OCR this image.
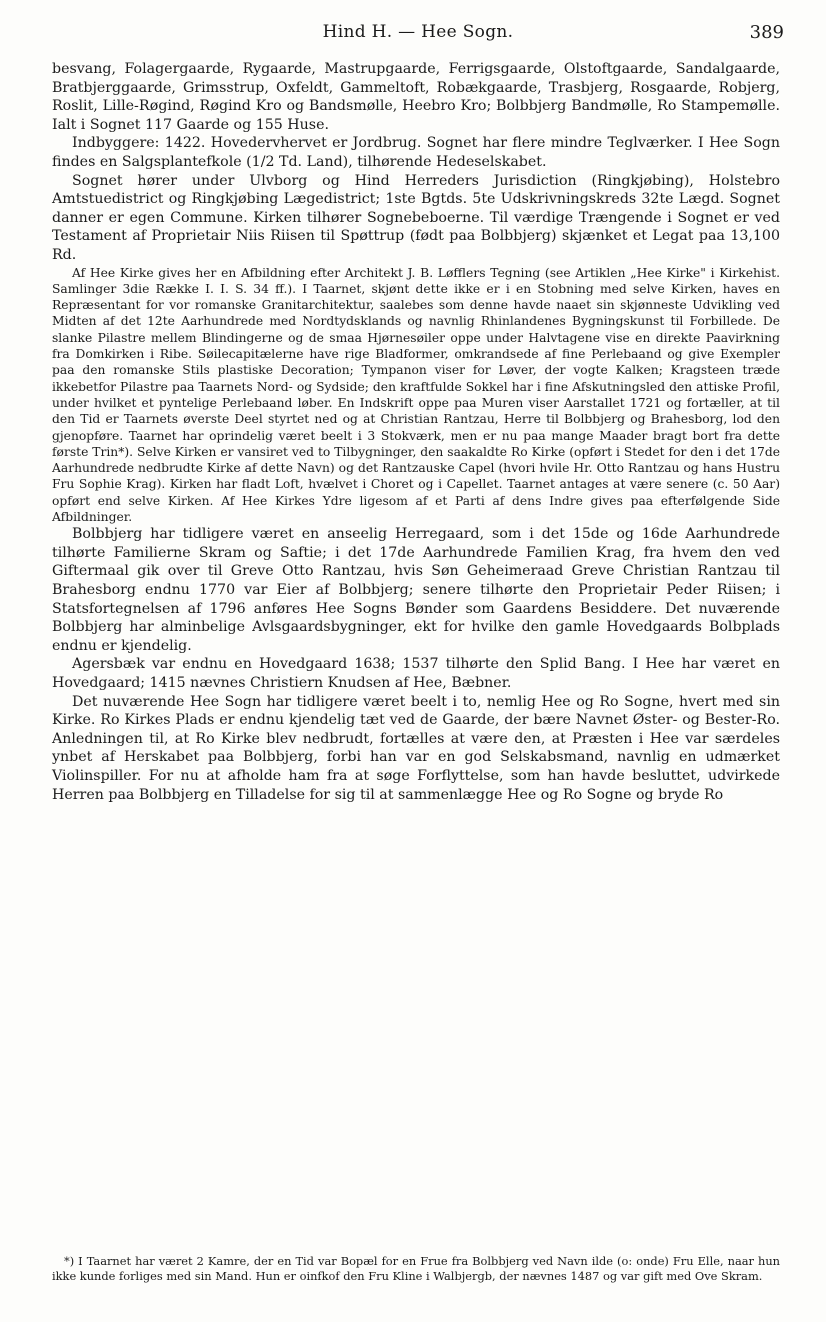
Hind H. — Hee Sogn.	389

besvang, Folagergaarde, Rygaarde, Mastrupgaarde, Ferrigsgaarde, Olstoftgaarde, Sandalgaarde, Bratbjerggaarde, Grimsstrup, Oxfeldt, Gammeltoft, Robækgaarde, Trasbjerg, Rosgaarde, Robjerg, Roslit, Lille-Røgind, Røgind Kro og Bandsmølle, Heebro Kro; Bolbbjerg Bandmølle, Ro Stampemølle. Ialt i Sognet 117 Gaarde og 155 Huse.

Indbyggere: 1422. Hovedervhervet er Jordbrug. Sognet har flere mindre Teglværker. I Hee Sogn findes en Salgsplantefkole (1/2 Td. Land), tilhørende Hedeselskabet.

Sognet hører under Ulvborg og Hind Herreders Jurisdiction (Ringkjøbing), Holstebro Amtstuedistrict og Ringkjøbing Lægedistrict; 1ste Bgtds. 5te Udskrivningskreds 32te Lægd. Sognet danner er egen Commune. Kirken tilhører Sognebeboerne. Til værdige Trængende i Sognet er ved Testament af Proprietair Niis Riisen til Spøttrup (født paa Bolbbjerg) skjænket et Legat paa 13,100 Rd.

Af Hee Kirke gives her en Afbildning efter Architekt J. B. Løfflers Tegning (see Artiklen „Hee Kirke" i Kirkehist. Samlinger 3die Række I. I. S. 34 ff.). I Taarnet, skjønt dette ikke er i en Stobning med selve Kirken, haves en Repræsentant for vor romanske Granitarchitektur, saalebes som denne havde naaet sin skjønneste Udvikling ved Midten af det 12te Aarhundrede med Nordtydsklands og navnlig Rhinlandenes Bygningskunst til Forbillede. De slanke Pilastre mellem Blindingerne og de smaa Hjørnesøiler oppe under Halvtagene vise en direkte Paavirkning fra Domkirken i Ribe. Søilecapitælerne have rige Bladformer, omkrandsede af fine Perlebaand og give Exempler paa den romanske Stils plastiske Decoration; Tympanon viser for Løver, der vogte Kalken; Kragsteen træde ikkebetfor Pilastre paa Taarnets Nord- og Sydside; den kraftfulde Sokkel har i fine Afskutningsled den attiske Profil, under hvilket et pyntelige Perlebaand løber. En Indskrift oppe paa Muren viser Aarstallet 1721 og fortæller, at til den Tid er Taarnets øverste Deel styrtet ned og at Christian Rantzau, Herre til Bolbbjerg og Brahesborg, lod den gjenopføre. Taarnet har oprindelig været beelt i 3 Stokværk, men er nu paa mange Maader bragt bort fra dette første Trin*). Selve Kirken er vansiret ved to Tilbygninger, den saakaldte Ro Kirke (opført i Stedet for den i det 17de Aarhundrede nedbrudte Kirke af dette Navn) og det Rantzauske Capel (hvori hvile Hr. Otto Rantzau og hans Hustru Fru Sophie Krag). Kirken har fladt Loft, hvælvet i Choret og i Capellet. Taarnet antages at være senere (c. 50 Aar) opført end selve Kirken. Af Hee Kirkes Ydre ligesom af et Parti af dens Indre gives paa efterfølgende Side Afbildninger.

Bolbbjerg har tidligere været en anseelig Herregaard, som i det 15de og 16de Aarhundrede tilhørte Familierne Skram og Saftie; i det 17de Aarhundrede Familien Krag, fra hvem den ved Giftermaal gik over til Greve Otto Rantzau, hvis Søn Geheimeraad Greve Christian Rantzau til Brahesborg endnu 1770 var Eier af Bolbbjerg; senere tilhørte den Proprietair Peder Riisen; i Statsfortegnelsen af 1796 anføres Hee Sogns Bønder som Gaardens Besiddere. Det nuværende Bolbbjerg har alminbelige Avlsgaardsbygninger, ekt for hvilke den gamle Hovedgaards Bolbplads endnu er kjendelig.

Agersbæk var endnu en Hovedgaard 1638; 1537 tilhørte den Splid Bang. I Hee har været en Hovedgaard; 1415 nævnes Christiern Knudsen af Hee, Bæbner.

Det nuværende Hee Sogn har tidligere været beelt i to, nemlig Hee og Ro Sogne, hvert med sin Kirke. Ro Kirkes Plads er endnu kjendelig tæt ved de Gaarde, der bære Navnet Øster- og Bester-Ro. Anledningen til, at Ro Kirke blev nedbrudt, fortælles at være den, at Præsten i Hee var særdeles ynbet af Herskabet paa Bolbbjerg, forbi han var en god Selskabsmand, navnlig en udmærket Violinspiller. For nu at afholde ham fra at søge Forflyttelse, som han havde besluttet, udvirkede Herren paa Bolbbjerg en Tilladelse for sig til at sammenlægge Hee og Ro Sogne og bryde Ro

*) I Taarnet har været 2 Kamre, der en Tid var Bopæl for en Frue fra Bolbbjerg ved Navn ilde (o: onde) Fru Elle, naar hun ikke kunde forliges med sin Mand. Hun er oinfkof den Fru Kline i Walbjergb, der nævnes 1487 og var gift med Ove Skram.
